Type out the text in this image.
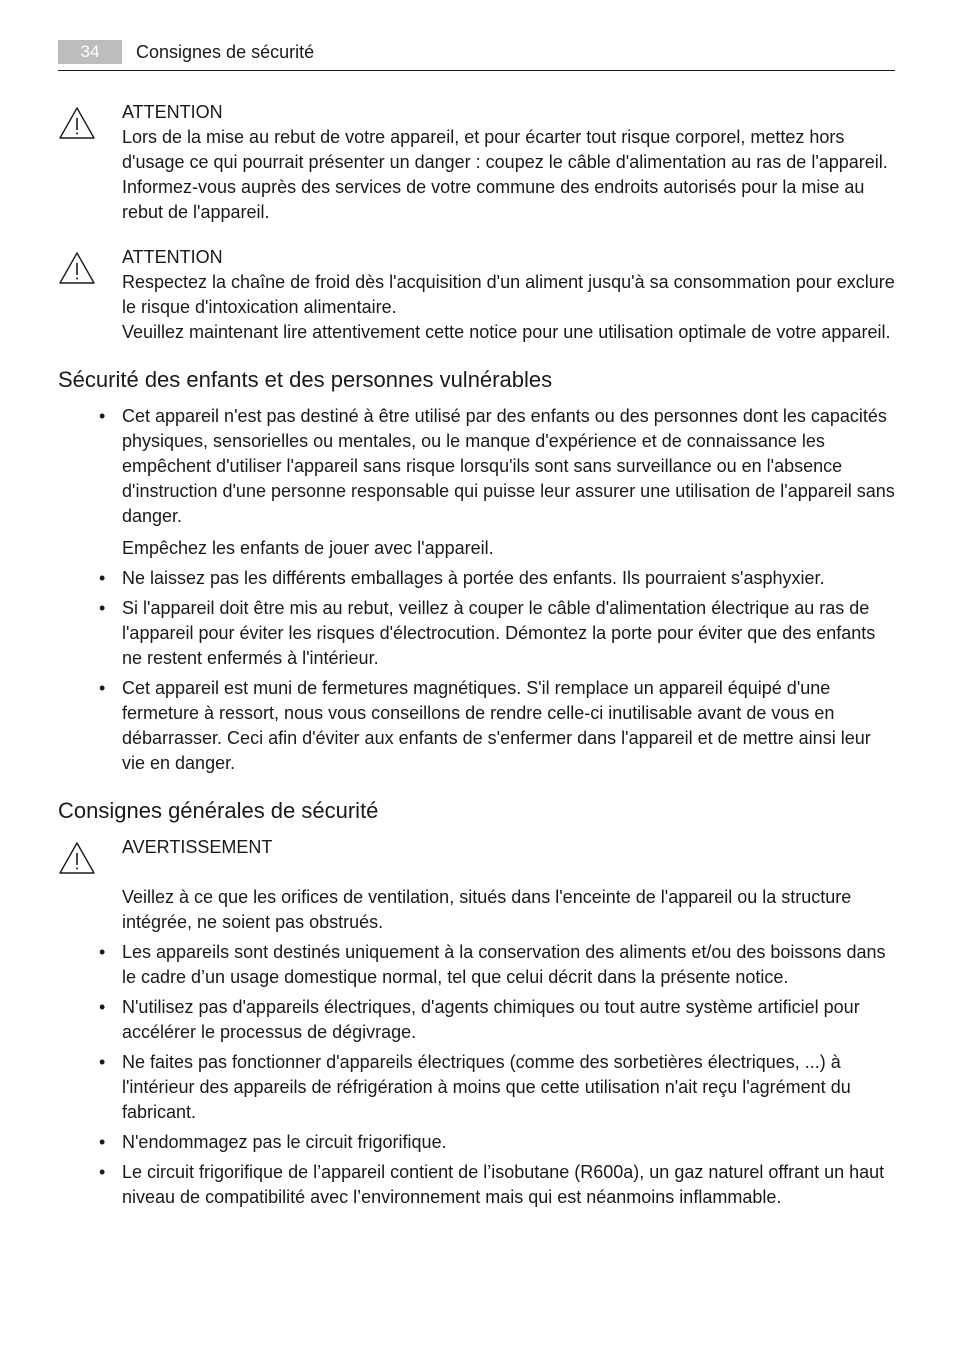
34	Consignes de sécurité
ATTENTION

Lors de la mise au rebut de votre appareil, et pour écarter tout risque corporel, mettez hors d'usage ce qui pourrait présenter un danger : coupez le câble d'alimentation au ras de l'appareil. Informez-vous auprès des services de votre commune des endroits autorisés pour la mise au rebut de l'appareil.

ATTENTION

Respectez la chaîne de froid dès l'acquisition d'un aliment jusqu'à sa consommation pour exclure le risque d'intoxication alimentaire.

Veuillez maintenant lire attentivement cette notice pour une utilisation optimale de votre appareil.

Sécurité des enfants et des personnes vulnérables
• Cet appareil n'est pas destiné à être utilisé par des enfants ou des personnes dont les capacités physiques, sensorielles ou mentales, ou le manque d'expérience et de connaissance les empêchent d'utiliser l'appareil sans risque lorsqu'ils sont sans surveillance ou en l'absence d'instruction d'une personne responsable qui puisse leur assurer une utilisation de l'appareil sans danger.
Empêchez les enfants de jouer avec l'appareil.
• Ne laissez pas les différents emballages à portée des enfants. Ils pourraient s'asphyxier.
• Si l'appareil doit être mis au rebut, veillez à couper le câble d'alimentation électrique au ras de l'appareil pour éviter les risques d'électrocution. Démontez la porte pour éviter que des enfants ne restent enfermés à l'intérieur.
• Cet appareil est muni de fermetures magnétiques. S'il remplace un appareil équipé d'une fermeture à ressort, nous vous conseillons de rendre celle-ci inutilisable avant de vous en débarrasser. Ceci afin d'éviter aux enfants de s'enfermer dans l'appareil et de mettre ainsi leur vie en danger.
Consignes générales de sécurité
AVERTISSEMENT

Veillez à ce que les orifices de ventilation, situés dans l'enceinte de l'appareil ou la structure intégrée, ne soient pas obstrués.

• Les appareils sont destinés uniquement à la conservation des aliments et/ou des boissons dans le cadre d’un usage domestique normal, tel que celui décrit dans la présente notice.
• N'utilisez pas d'appareils électriques, d'agents chimiques ou tout autre système artificiel pour accélérer le processus de dégivrage.
• Ne faites pas fonctionner d'appareils électriques (comme des sorbetières électriques, ...) à l'intérieur des appareils de réfrigération à moins que cette utilisation n'ait reçu l'agrément du fabricant.
• N'endommagez pas le circuit frigorifique.
• Le circuit frigorifique de l’appareil contient de l’isobutane (R600a), un gaz naturel offrant un haut niveau de compatibilité avec l’environnement mais qui est néanmoins inflammable.
